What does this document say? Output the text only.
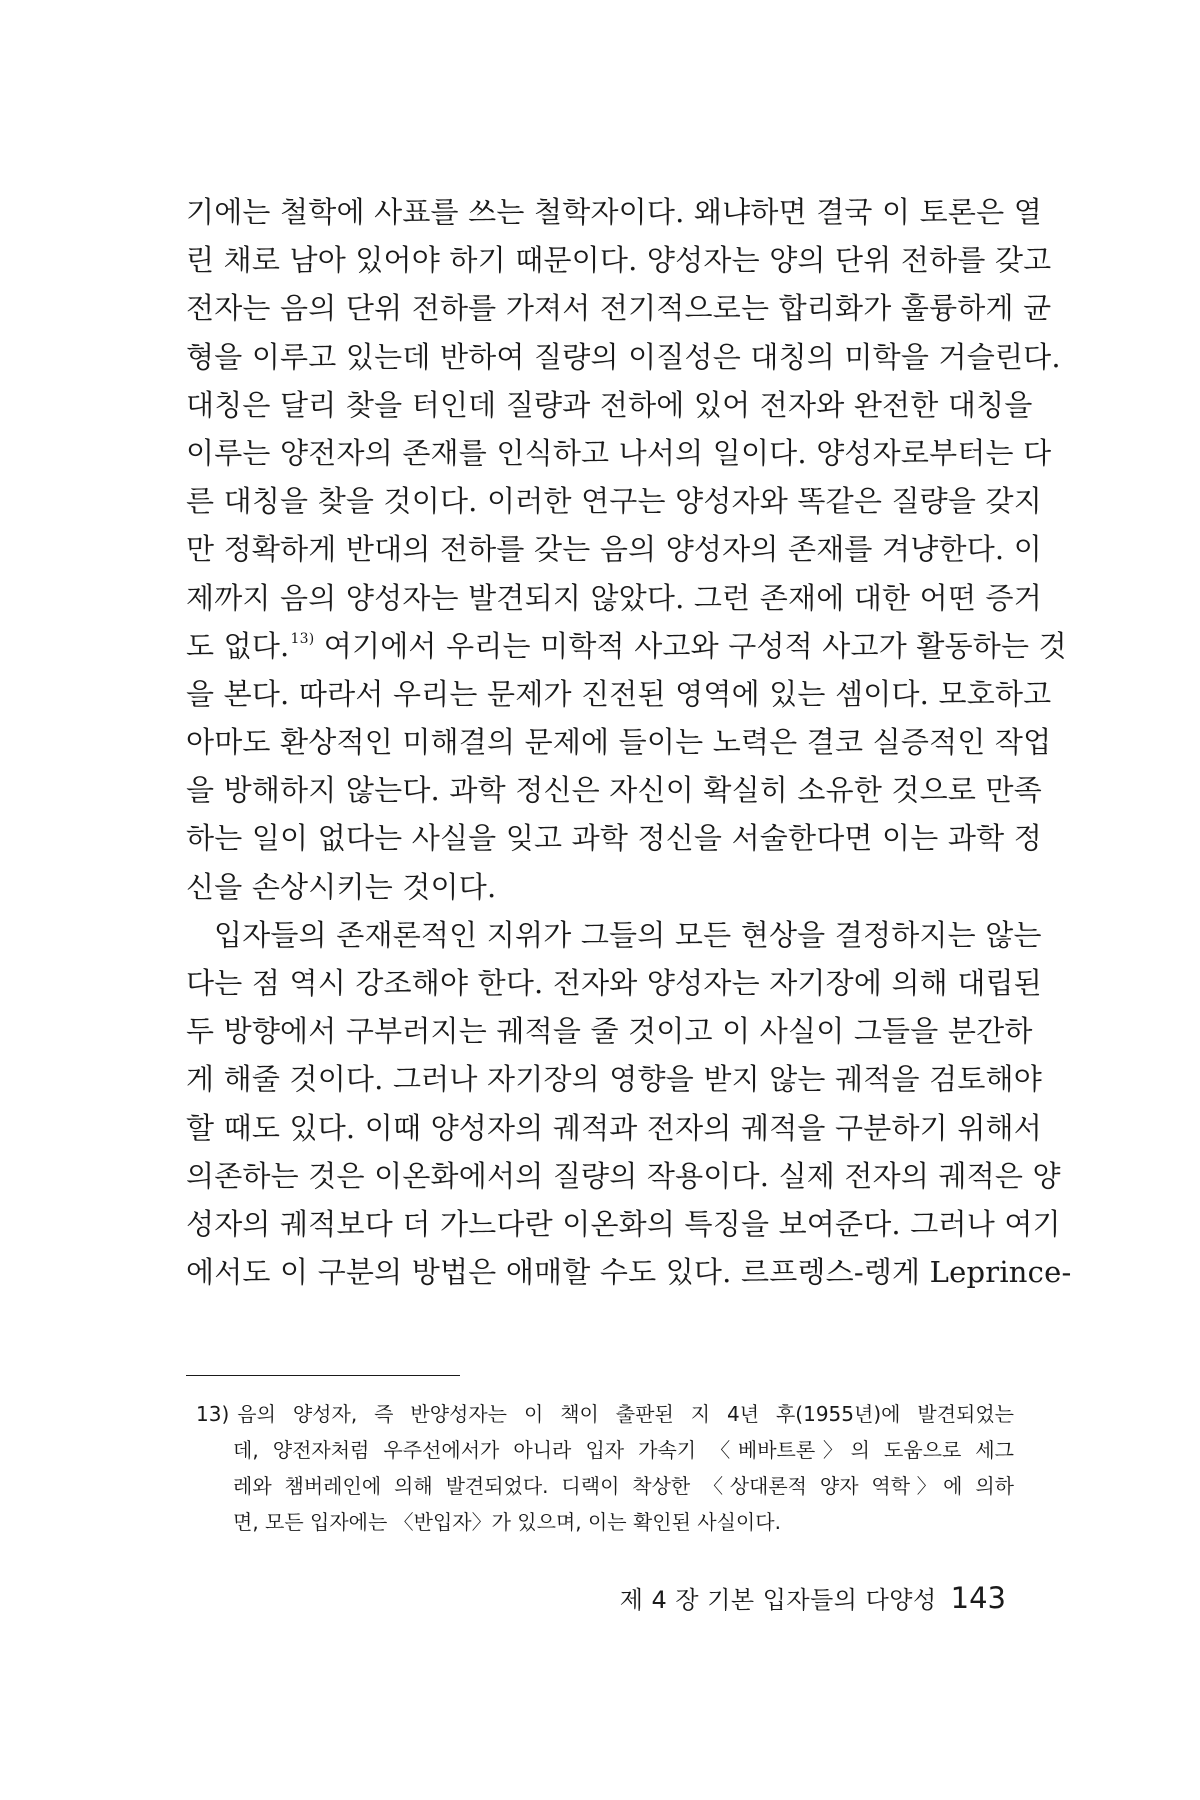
기에는 철학에 사표를 쓰는 철학자이다. 왜냐하면 결국 이 토론은 열
린 채로 남아 있어야 하기 때문이다. 양성자는 양의 단위 전하를 갖고
전자는 음의 단위 전하를 가져서 전기적으로는 합리화가 훌륭하게 균
형을 이루고 있는데 반하여 질량의 이질성은 대칭의 미학을 거슬린다.
대칭은 달리 찾을 터인데 질량과 전하에 있어 전자와 완전한 대칭을
이루는 양전자의 존재를 인식하고 나서의 일이다. 양성자로부터는 다
른 대칭을 찾을 것이다. 이러한 연구는 양성자와 똑같은 질량을 갖지
만 정확하게 반대의 전하를 갖는 음의 양성자의 존재를 겨냥한다. 이
제까지 음의 양성자는 발견되지 않았다. 그런 존재에 대한 어떤 증거
도 없다.$^{13)}$ 여기에서 우리는 미학적 사고와 구성적 사고가 활동하는 것
을 본다. 따라서 우리는 문제가 진전된 영역에 있는 셈이다. 모호하고
아마도 환상적인 미해결의 문제에 들이는 노력은 결코 실증적인 작업
을 방해하지 않는다. 과학 정신은 자신이 확실히 소유한 것으로 만족
하는 일이 없다는 사실을 잊고 과학 정신을 서술한다면 이는 과학 정
신을 손상시키는 것이다.
입자들의 존재론적인 지위가 그들의 모든 현상을 결정하지는 않는
다는 점 역시 강조해야 한다. 전자와 양성자는 자기장에 의해 대립된
두 방향에서 구부러지는 궤적을 줄 것이고 이 사실이 그들을 분간하
게 해줄 것이다. 그러나 자기장의 영향을 받지 않는 궤적을 검토해야
할 때도 있다. 이때 양성자의 궤적과 전자의 궤적을 구분하기 위해서
의존하는 것은 이온화에서의 질량의 작용이다. 실제 전자의 궤적은 양
성자의 궤적보다 더 가느다란 이온화의 특징을 보여준다. 그러나 여기
에서도 이 구분의 방법은 애매할 수도 있다. 르프렝스-렝게 Leprince-
13) 음의 양성자, 즉 반양성자는 이 책이 출판된 지 4년 후(1955년)에 발견되었는
데, 양전자처럼 우주선에서가 아니라 입자 가속기 〈베바트론〉의 도움으로 세그
레와 챔버레인에 의해 발견되었다. 디랙이 착상한 〈상대론적 양자 역학〉에 의하
면, 모든 입자에는 〈반입자〉가 있으며, 이는 확인된 사실이다.
제 4 장 기본 입자들의 다양성 143
